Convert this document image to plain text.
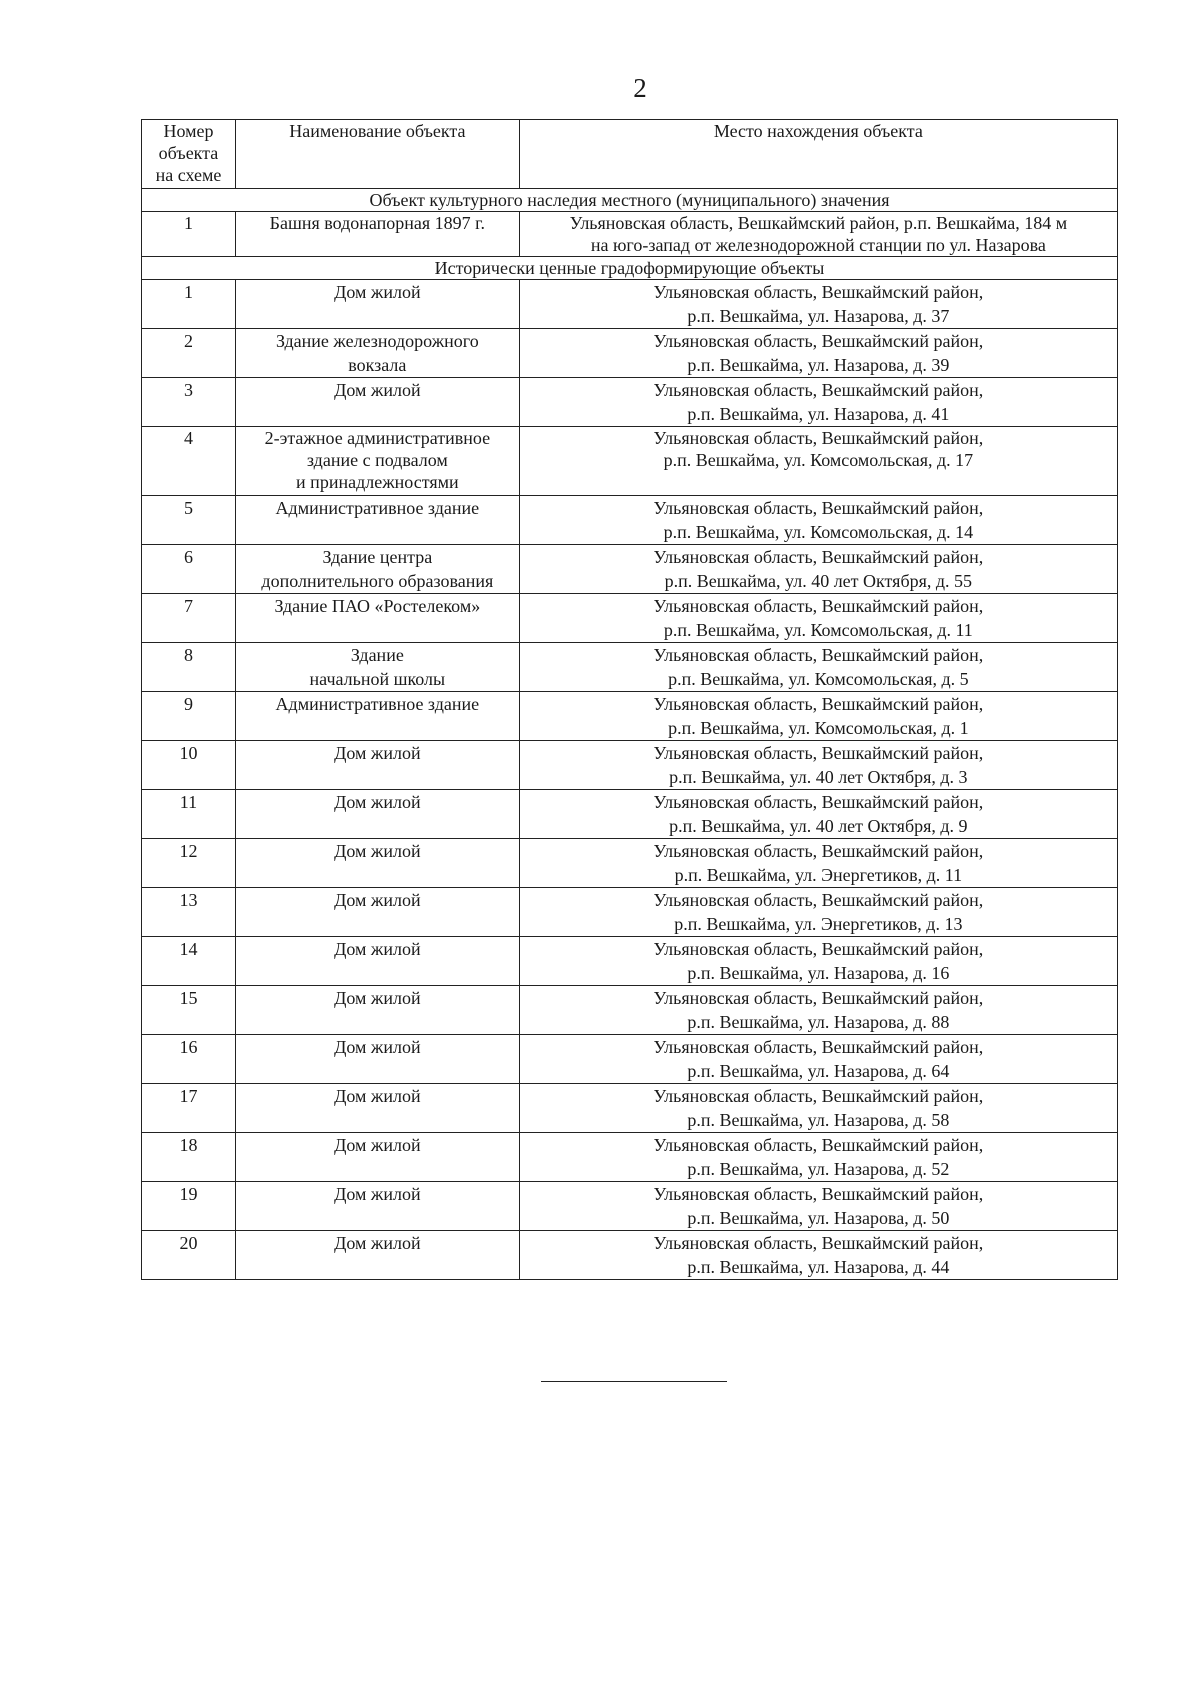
2
Номер
объекта
на схеме	Наименование объекта	Место нахождения объекта
Объект культурного наследия местного (муниципального) значения		
1	Башня водонапорная 1897 г.	Ульяновская область, Вешкаймский район, р.п. Вешкайма, 184 м
на юго-запад от железнодорожной станции по ул. Назарова

Исторически ценные градоформирующие объекты		
1	Дом жилой	Ульяновская область, Вешкаймский район,
р.п. Вешкайма, ул. Назарова, д. 37

2	Здание железнодорожного
вокзала	Ульяновская область, Вешкаймский район,
р.п. Вешкайма, ул. Назарова, д. 39

3	Дом жилой	Ульяновская область, Вешкаймский район,
р.п. Вешкайма, ул. Назарова, д. 41

4	2-этажное административное
здание с подвалом
и принадлежностями	Ульяновская область, Вешкаймский район,
р.п. Вешкайма, ул. Комсомольская, д. 17

5	Административное здание	Ульяновская область, Вешкаймский район,
р.п. Вешкайма, ул. Комсомольская, д. 14

6	Здание центра
дополнительного образования	Ульяновская область, Вешкаймский район,
р.п. Вешкайма, ул. 40 лет Октября, д. 55

7	Здание ПАО «Ростелеком»	Ульяновская область, Вешкаймский район,
р.п. Вешкайма, ул. Комсомольская, д. 11

8	Здание
начальной школы	Ульяновская область, Вешкаймский район,
р.п. Вешкайма, ул. Комсомольская, д. 5

9	Административное здание	Ульяновская область, Вешкаймский район,
р.п. Вешкайма, ул. Комсомольская, д. 1

10	Дом жилой	Ульяновская область, Вешкаймский район,
р.п. Вешкайма, ул. 40 лет Октября, д. 3

11	Дом жилой	Ульяновская область, Вешкаймский район,
р.п. Вешкайма, ул. 40 лет Октября, д. 9

12	Дом жилой	Ульяновская область, Вешкаймский район,
р.п. Вешкайма, ул. Энергетиков, д. 11

13	Дом жилой	Ульяновская область, Вешкаймский район,
р.п. Вешкайма, ул. Энергетиков, д. 13

14	Дом жилой	Ульяновская область, Вешкаймский район,
р.п. Вешкайма, ул. Назарова, д. 16

15	Дом жилой	Ульяновская область, Вешкаймский район,
р.п. Вешкайма, ул. Назарова, д. 88

16	Дом жилой	Ульяновская область, Вешкаймский район,
р.п. Вешкайма, ул. Назарова, д. 64

17	Дом жилой	Ульяновская область, Вешкаймский район,
р.п. Вешкайма, ул. Назарова, д. 58

18	Дом жилой	Ульяновская область, Вешкаймский район,
р.п. Вешкайма, ул. Назарова, д. 52

19	Дом жилой	Ульяновская область, Вешкаймский район,
р.п. Вешкайма, ул. Назарова, д. 50

20	Дом жилой	Ульяновская область, Вешкаймский район,
р.п. Вешкайма, ул. Назарова, д. 44
